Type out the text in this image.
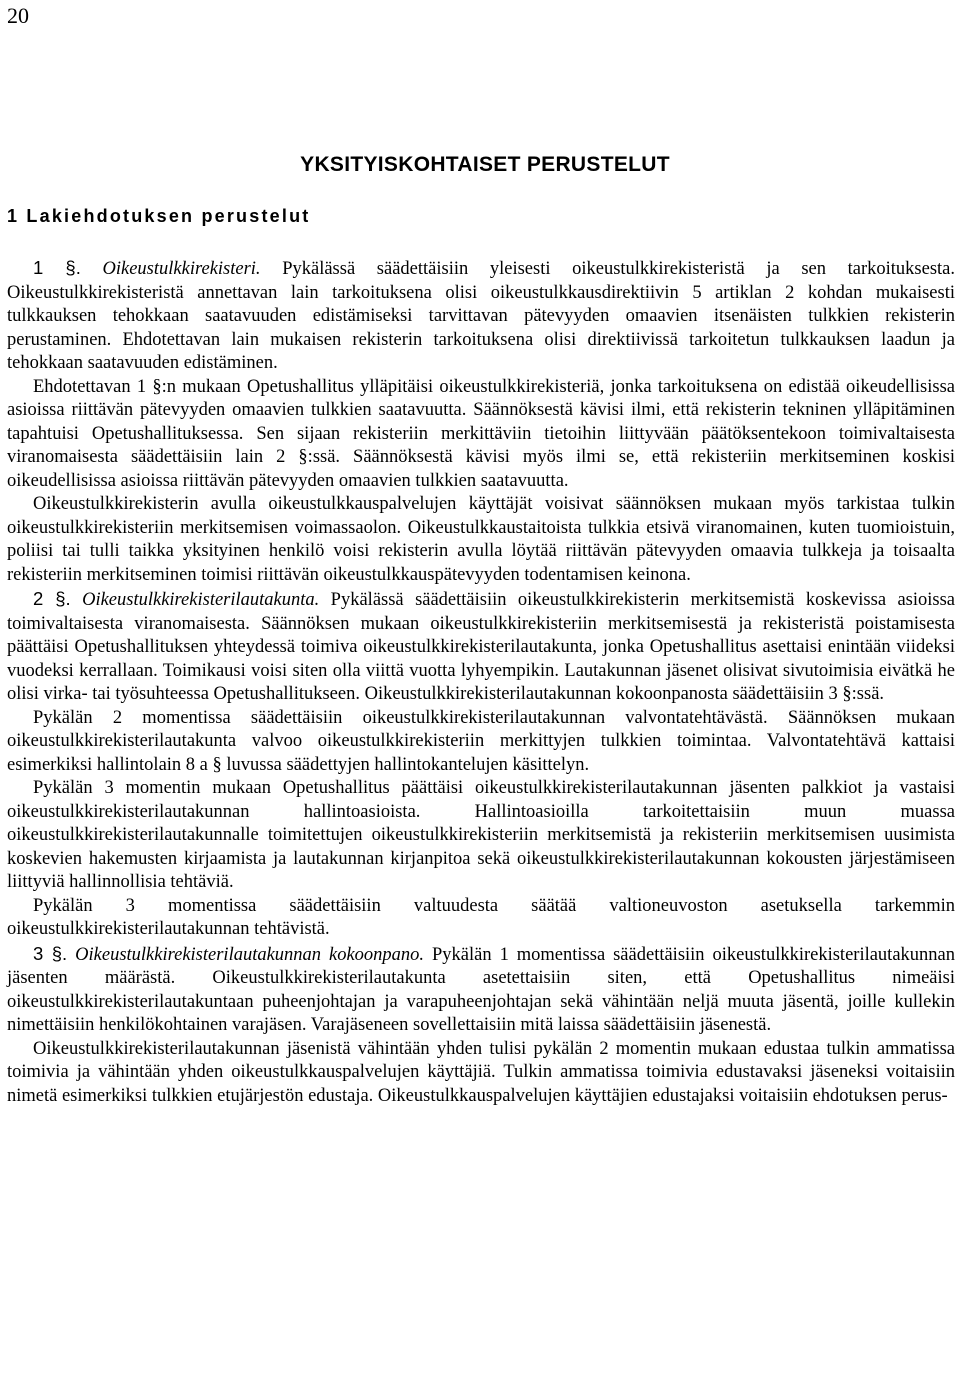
20
YKSITYISKOHTAISET PERUSTELUT
1 Lakiehdotuksen perustelut

1 §. Oikeustulkkirekisteri. Pykälässä säädettäisiin yleisesti oikeustulkkirekisteristä ja sen tarkoituksesta. Oikeustulkkirekisteristä annettavan lain tarkoituksena olisi oikeustulkkausdirektiivin 5 artiklan 2 kohdan mukaisesti tulkkauksen tehokkaan saatavuuden edistämiseksi tarvittavan pätevyyden omaavien itsenäisten tulkkien rekisterin perustaminen. Ehdotettavan lain mukaisen rekisterin tarkoituksena olisi direktiivissä tarkoitetun tulkkauksen laadun ja tehokkaan saatavuuden edistäminen.

Ehdotettavan 1 §:n mukaan Opetushallitus ylläpitäisi oikeustulkkirekisteriä, jonka tarkoituksena on edistää oikeudellisissa asioissa riittävän pätevyyden omaavien tulkkien saatavuutta. Säännöksestä kävisi ilmi, että rekisterin tekninen ylläpitäminen tapahtuisi Opetushallituksessa. Sen sijaan rekisteriin merkittäviin tietoihin liittyvään päätöksentekoon toimivaltaisesta viranomaisesta säädettäisiin lain 2 §:ssä. Säännöksestä kävisi myös ilmi se, että rekisteriin merkitseminen koskisi oikeudellisissa asioissa riittävän pätevyyden omaavien tulkkien saatavuutta.

Oikeustulkkirekisterin avulla oikeustulkkauspalvelujen käyttäjät voisivat säännöksen mukaan myös tarkistaa tulkin oikeustulkkirekisteriin merkitsemisen voimassaolon. Oikeustulkkaustaitoista tulkkia etsivä viranomainen, kuten tuomioistuin, poliisi tai tulli taikka yksityinen henkilö voisi rekisterin avulla löytää riittävän pätevyyden omaavia tulkkeja ja toisaalta rekisteriin merkitseminen toimisi riittävän oikeustulkkauspätevyyden todentamisen keinona.

2 §. Oikeustulkkirekisterilautakunta. Pykälässä säädettäisiin oikeustulkkirekisterin merkitsemistä koskevissa asioissa toimivaltaisesta viranomaisesta. Säännöksen mukaan oikeustulkkirekisteriin merkitsemisestä ja rekisteristä poistamisesta päättäisi Opetushallituksen yhteydessä toimiva oikeustulkkirekisterilautakunta, jonka Opetushallitus asettaisi enintään viideksi vuodeksi kerrallaan. Toimikausi voisi siten olla viittä vuotta lyhyempikin. Lautakunnan jäsenet olisivat sivutoimisia eivätkä he olisi virka- tai työsuhteessa Opetushallitukseen. Oikeustulkkirekisterilautakunnan kokoonpanosta säädettäisiin 3 §:ssä.

Pykälän 2 momentissa säädettäisiin oikeustulkkirekisterilautakunnan valvontatehtävästä. Säännöksen mukaan oikeustulkkirekisterilautakunta valvoo oikeustulkkirekisteriin merkittyjen tulkkien toimintaa. Valvontatehtävä kattaisi esimerkiksi hallintolain 8 a § luvussa säädettyjen hallintokantelujen käsittelyn.

Pykälän 3 momentin mukaan Opetushallitus päättäisi oikeustulkkirekisterilautakunnan jäsenten palkkiot ja vastaisi oikeustulkkirekisterilautakunnan hallintoasioista. Hallintoasioilla tarkoitettaisiin muun muassa oikeustulkkirekisterilautakunnalle toimitettujen oikeustulkkirekisteriin merkitsemistä ja rekisteriin merkitsemisen uusimista koskevien hakemusten kirjaamista ja lautakunnan kirjanpitoa sekä oikeustulkkirekisterilautakunnan kokousten järjestämiseen liittyviä hallinnollisia tehtäviä.

Pykälän 3 momentissa säädettäisiin valtuudesta säätää valtioneuvoston asetuksella tarkemmin oikeustulkkirekisterilautakunnan tehtävistä.

3 §. Oikeustulkkirekisterilautakunnan kokoonpano. Pykälän 1 momentissa säädettäisiin oikeustulkkirekisterilautakunnan jäsenten määrästä. Oikeustulkkirekisterilautakunta asetettaisiin siten, että Opetushallitus nimeäisi oikeustulkkirekisterilautakuntaan puheenjohtajan ja varapuheenjohtajan sekä vähintään neljä muuta jäsentä, joille kullekin nimettäisiin henkilökohtainen varajäsen. Varajäseneen sovellettaisiin mitä laissa säädettäisiin jäsenestä.

Oikeustulkkirekisterilautakunnan jäsenistä vähintään yhden tulisi pykälän 2 momentin mukaan edustaa tulkin ammatissa toimivia ja vähintään yhden oikeustulkkauspalvelujen käyttäjiä. Tulkin ammatissa toimivia edustavaksi jäseneksi voitaisiin nimetä esimerkiksi tulkkien etujärjestön edustaja. Oikeustulkkauspalvelujen käyttäjien edustajaksi voitaisiin ehdotuksen perus-
